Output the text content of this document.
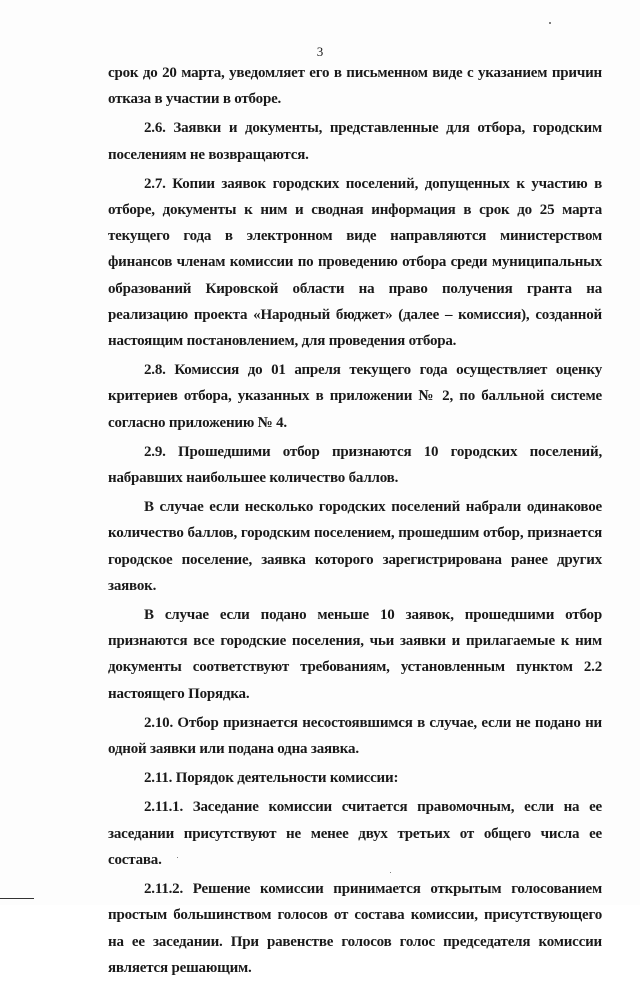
3

срок до 20 марта, уведомляет его в письменном виде с указанием причин отказа в участии в отборе.

2.6. Заявки и документы, представленные для отбора, городским поселениям не возвращаются.

2.7. Копии заявок городских поселений, допущенных к участию в отборе, документы к ним и сводная информация в срок до 25 марта текущего года в электронном виде направляются министерством финансов членам комиссии по проведению отбора среди муниципальных образований Кировской области на право получения гранта на реализацию проекта «Народный бюджет» (далее – комиссия), созданной настоящим постановлением, для проведения отбора.

2.8. Комиссия до 01 апреля текущего года осуществляет оценку критериев отбора, указанных в приложении № 2, по балльной системе согласно приложению № 4.

2.9. Прошедшими отбор признаются 10 городских поселений, набравших наибольшее количество баллов.

В случае если несколько городских поселений набрали одинаковое количество баллов, городским поселением, прошедшим отбор, признается городское поселение, заявка которого зарегистрирована ранее других заявок.

В случае если подано меньше 10 заявок, прошедшими отбор признаются все городские поселения, чьи заявки и прилагаемые к ним документы соответствуют требованиям, установленным пунктом 2.2 настоящего Порядка.

2.10. Отбор признается несостоявшимся в случае, если не подано ни одной заявки или подана одна заявка.

2.11. Порядок деятельности комиссии:

2.11.1. Заседание комиссии считается правомочным, если на ее заседании присутствуют не менее двух третьих от общего числа ее состава.

2.11.2. Решение комиссии принимается открытым голосованием простым большинством голосов от состава комиссии, присутствующего на ее заседании. При равенстве голосов голос председателя комиссии является решающим.
